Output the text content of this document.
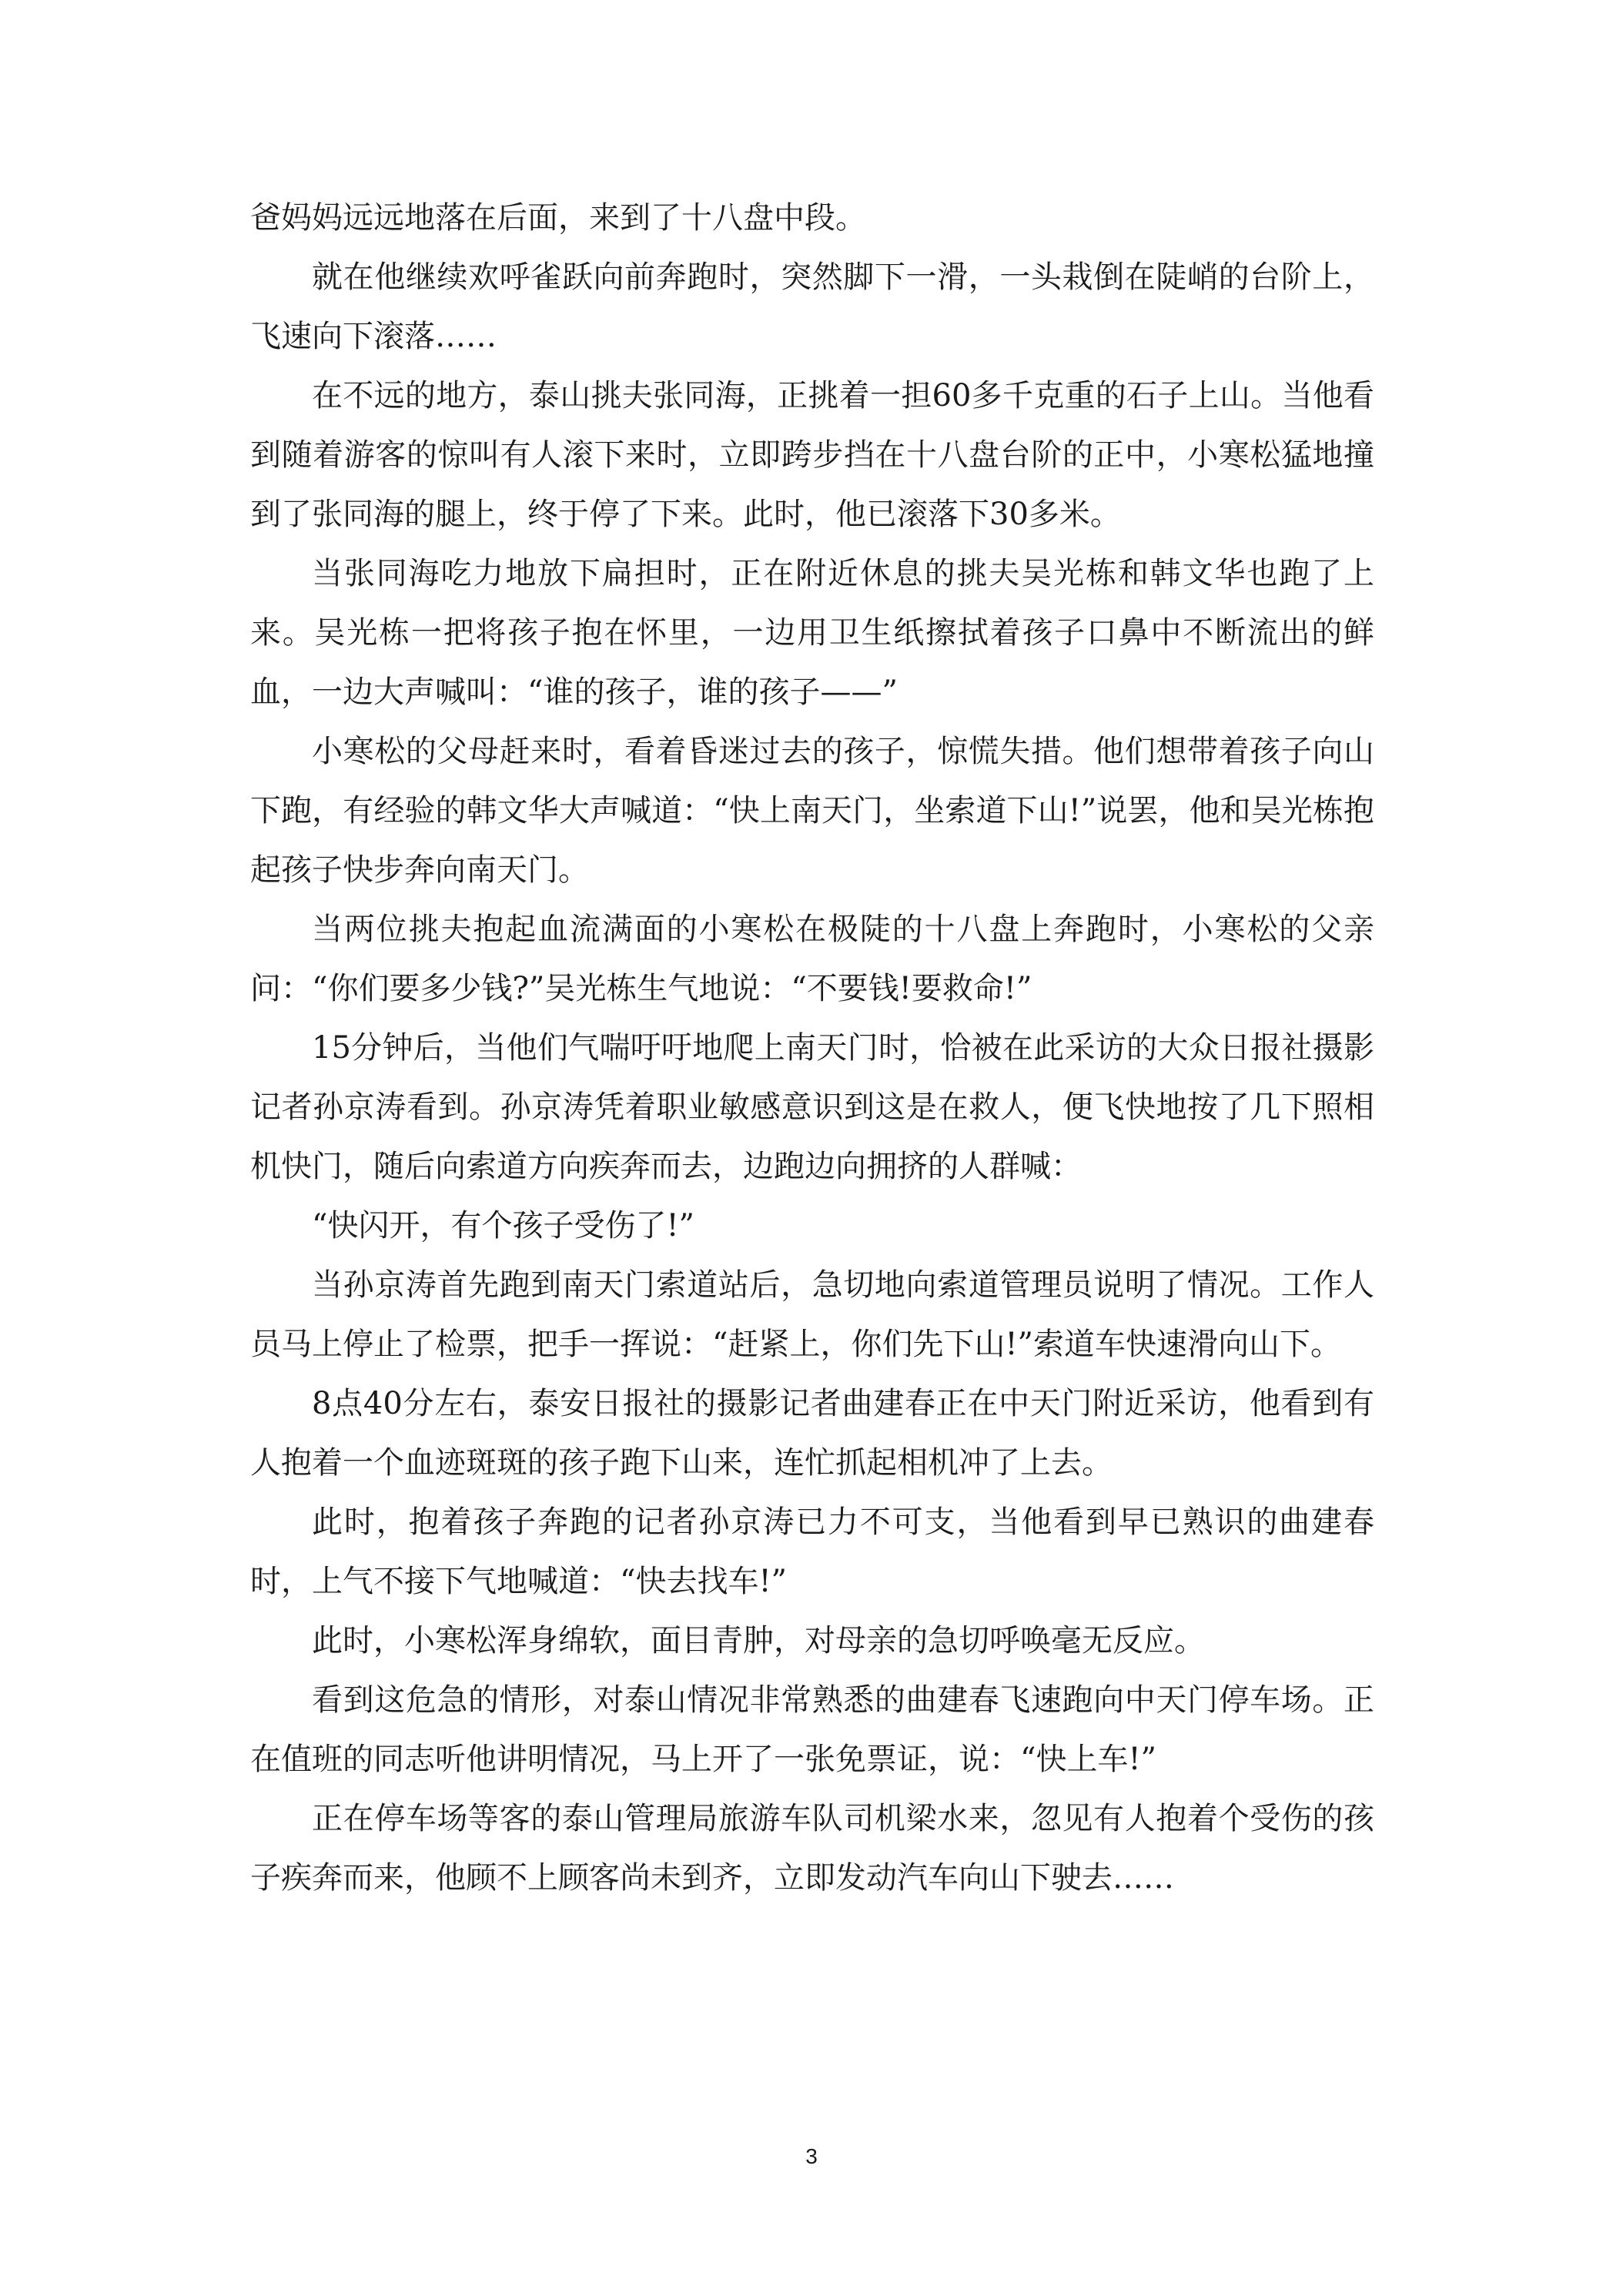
爸妈妈远远地落在后面，来到了十八盘中段。

就在他继续欢呼雀跃向前奔跑时，突然脚下一滑，一头栽倒在陡峭的台阶上，飞速向下滚落……

在不远的地方，泰山挑夫张同海，正挑着一担60多千克重的石子上山。当他看到随着游客的惊叫有人滚下来时，立即跨步挡在十八盘台阶的正中，小寒松猛地撞到了张同海的腿上，终于停了下来。此时，他已滚落下30多米。

当张同海吃力地放下扁担时，正在附近休息的挑夫吴光栋和韩文华也跑了上来。吴光栋一把将孩子抱在怀里，一边用卫生纸擦拭着孩子口鼻中不断流出的鲜血，一边大声喊叫：“谁的孩子，谁的孩子——”

小寒松的父母赶来时，看着昏迷过去的孩子，惊慌失措。他们想带着孩子向山下跑，有经验的韩文华大声喊道：“快上南天门，坐索道下山!”说罢，他和吴光栋抱起孩子快步奔向南天门。

当两位挑夫抱起血流满面的小寒松在极陡的十八盘上奔跑时，小寒松的父亲问：“你们要多少钱?”吴光栋生气地说：“不要钱!要救命!”

15分钟后，当他们气喘吁吁地爬上南天门时，恰被在此采访的大众日报社摄影记者孙京涛看到。孙京涛凭着职业敏感意识到这是在救人，便飞快地按了几下照相机快门，随后向索道方向疾奔而去，边跑边向拥挤的人群喊：

“快闪开，有个孩子受伤了!”

当孙京涛首先跑到南天门索道站后，急切地向索道管理员说明了情况。工作人员马上停止了检票，把手一挥说：“赶紧上，你们先下山!”索道车快速滑向山下。

8点40分左右，泰安日报社的摄影记者曲建春正在中天门附近采访，他看到有人抱着一个血迹斑斑的孩子跑下山来，连忙抓起相机冲了上去。

此时，抱着孩子奔跑的记者孙京涛已力不可支，当他看到早已熟识的曲建春时，上气不接下气地喊道：“快去找车!”

此时，小寒松浑身绵软，面目青肿，对母亲的急切呼唤毫无反应。

看到这危急的情形，对泰山情况非常熟悉的曲建春飞速跑向中天门停车场。正在值班的同志听他讲明情况，马上开了一张免票证，说：“快上车!”

正在停车场等客的泰山管理局旅游车队司机梁水来，忽见有人抱着个受伤的孩子疾奔而来，他顾不上顾客尚未到齐，立即发动汽车向山下驶去……

3
